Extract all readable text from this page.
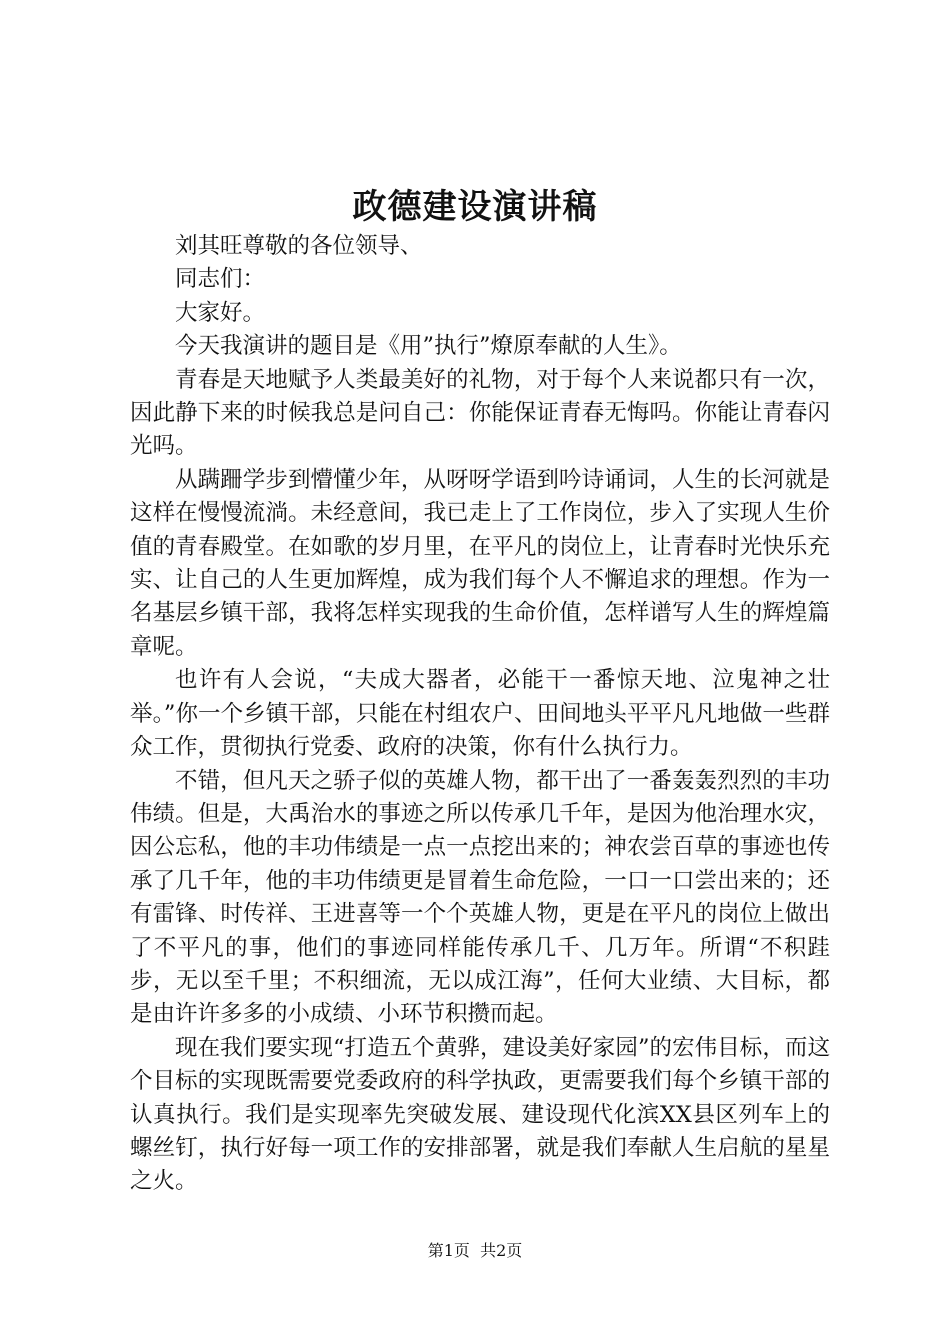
政德建设演讲稿

刘其旺尊敬的各位领导、

同志们：

大家好。

今天我演讲的题目是《用”执行”燎原奉献的人生》。

青春是天地赋予人类最美好的礼物，对于每个人来说都只有一次，因此静下来的时候我总是问自己：你能保证青春无悔吗。你能让青春闪光吗。

从蹒跚学步到懵懂少年，从呀呀学语到吟诗诵词，人生的长河就是这样在慢慢流淌。未经意间，我已走上了工作岗位，步入了实现人生价值的青春殿堂。在如歌的岁月里，在平凡的岗位上，让青春时光快乐充实、让自己的人生更加辉煌，成为我们每个人不懈追求的理想。作为一名基层乡镇干部，我将怎样实现我的生命价值，怎样谱写人生的辉煌篇章呢。

也许有人会说，“夫成大器者，必能干一番惊天地、泣鬼神之壮举。”你一个乡镇干部，只能在村组农户、田间地头平平凡凡地做一些群众工作，贯彻执行党委、政府的决策，你有什么执行力。

不错，但凡天之骄子似的英雄人物，都干出了一番轰轰烈烈的丰功伟绩。但是，大禹治水的事迹之所以传承几千年，是因为他治理水灾，因公忘私，他的丰功伟绩是一点一点挖出来的；神农尝百草的事迹也传承了几千年，他的丰功伟绩更是冒着生命危险，一口一口尝出来的；还有雷锋、时传祥、王进喜等一个个英雄人物，更是在平凡的岗位上做出了不平凡的事，他们的事迹同样能传承几千、几万年。所谓“不积跬步，无以至千里；不积细流，无以成江海”，任何大业绩、大目标，都是由许许多多的小成绩、小环节积攒而起。

现在我们要实现“打造五个黄骅，建设美好家园”的宏伟目标，而这个目标的实现既需要党委政府的科学执政，更需要我们每个乡镇干部的认真执行。我们是实现率先突破发展、建设现代化滨XX县区列车上的螺丝钉，执行好每一项工作的安排部署，就是我们奉献人生启航的星星之火。

第1页 共2页
